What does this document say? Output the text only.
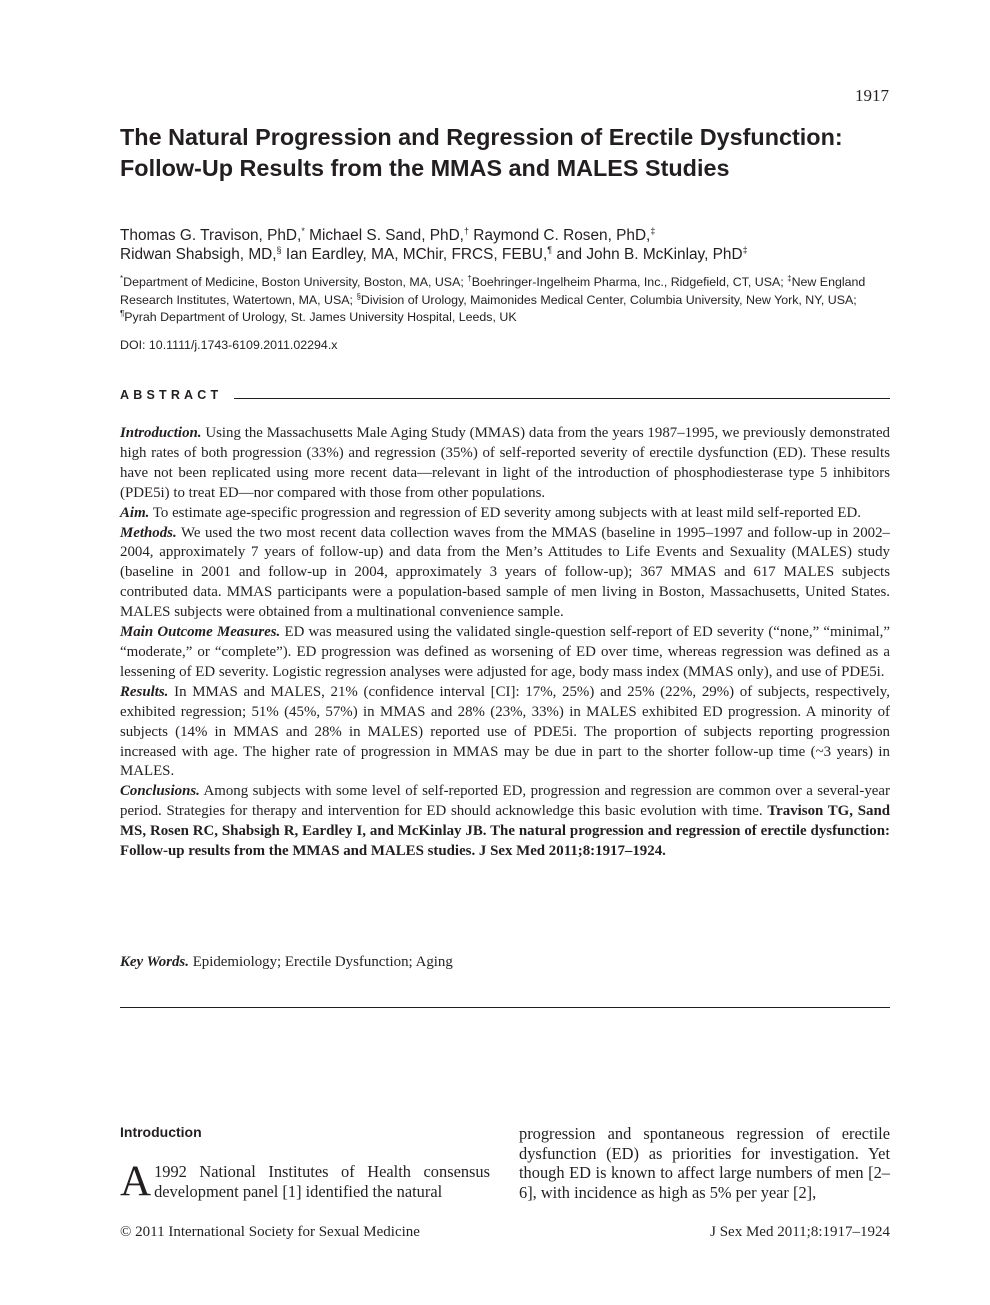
1917
The Natural Progression and Regression of Erectile Dysfunction:
Follow-Up Results from the MMAS and MALES Studies
Thomas G. Travison, PhD,* Michael S. Sand, PhD,† Raymond C. Rosen, PhD,‡
Ridwan Shabsigh, MD,§ Ian Eardley, MA, MChir, FRCS, FEBU,¶ and John B. McKinlay, PhD‡
*Department of Medicine, Boston University, Boston, MA, USA; †Boehringer-Ingelheim Pharma, Inc., Ridgefield, CT, USA; ‡New England Research Institutes, Watertown, MA, USA; §Division of Urology, Maimonides Medical Center, Columbia University, New York, NY, USA; ¶Pyrah Department of Urology, St. James University Hospital, Leeds, UK
DOI: 10.1111/j.1743-6109.2011.02294.x
ABSTRACT

Introduction. Using the Massachusetts Male Aging Study (MMAS) data from the years 1987–1995, we previously demonstrated high rates of both progression (33%) and regression (35%) of self-reported severity of erectile dysfunction (ED). These results have not been replicated using more recent data—relevant in light of the introduction of phosphodiesterase type 5 inhibitors (PDE5i) to treat ED—nor compared with those from other populations.

Aim. To estimate age-specific progression and regression of ED severity among subjects with at least mild self-reported ED.

Methods. We used the two most recent data collection waves from the MMAS (baseline in 1995–1997 and follow-up in 2002–2004, approximately 7 years of follow-up) and data from the Men’s Attitudes to Life Events and Sexuality (MALES) study (baseline in 2001 and follow-up in 2004, approximately 3 years of follow-up); 367 MMAS and 617 MALES subjects contributed data. MMAS participants were a population-based sample of men living in Boston, Massachusetts, United States. MALES subjects were obtained from a multinational convenience sample.

Main Outcome Measures. ED was measured using the validated single-question self-report of ED severity (“none,” “minimal,” “moderate,” or “complete”). ED progression was defined as worsening of ED over time, whereas regression was defined as a lessening of ED severity. Logistic regression analyses were adjusted for age, body mass index (MMAS only), and use of PDE5i.

Results. In MMAS and MALES, 21% (confidence interval [CI]: 17%, 25%) and 25% (22%, 29%) of subjects, respectively, exhibited regression; 51% (45%, 57%) in MMAS and 28% (23%, 33%) in MALES exhibited ED progression. A minority of subjects (14% in MMAS and 28% in MALES) reported use of PDE5i. The proportion of subjects reporting progression increased with age. The higher rate of progression in MMAS may be due in part to the shorter follow-up time (~3 years) in MALES.

Conclusions. Among subjects with some level of self-reported ED, progression and regression are common over a several-year period. Strategies for therapy and intervention for ED should acknowledge this basic evolution with time. Travison TG, Sand MS, Rosen RC, Shabsigh R, Eardley I, and McKinlay JB. The natural progression and regression of erectile dysfunction: Follow-up results from the MMAS and MALES studies. J Sex Med 2011;8:1917–1924.

Key Words. Epidemiology; Erectile Dysfunction; Aging
Introduction
A 1992 National Institutes of Health consensus development panel [1] identified the natural
progression and spontaneous regression of erectile dysfunction (ED) as priorities for investigation. Yet though ED is known to affect large numbers of men [2–6], with incidence as high as 5% per year [2],
© 2011 International Society for Sexual Medicine	J Sex Med 2011;8:1917–1924
